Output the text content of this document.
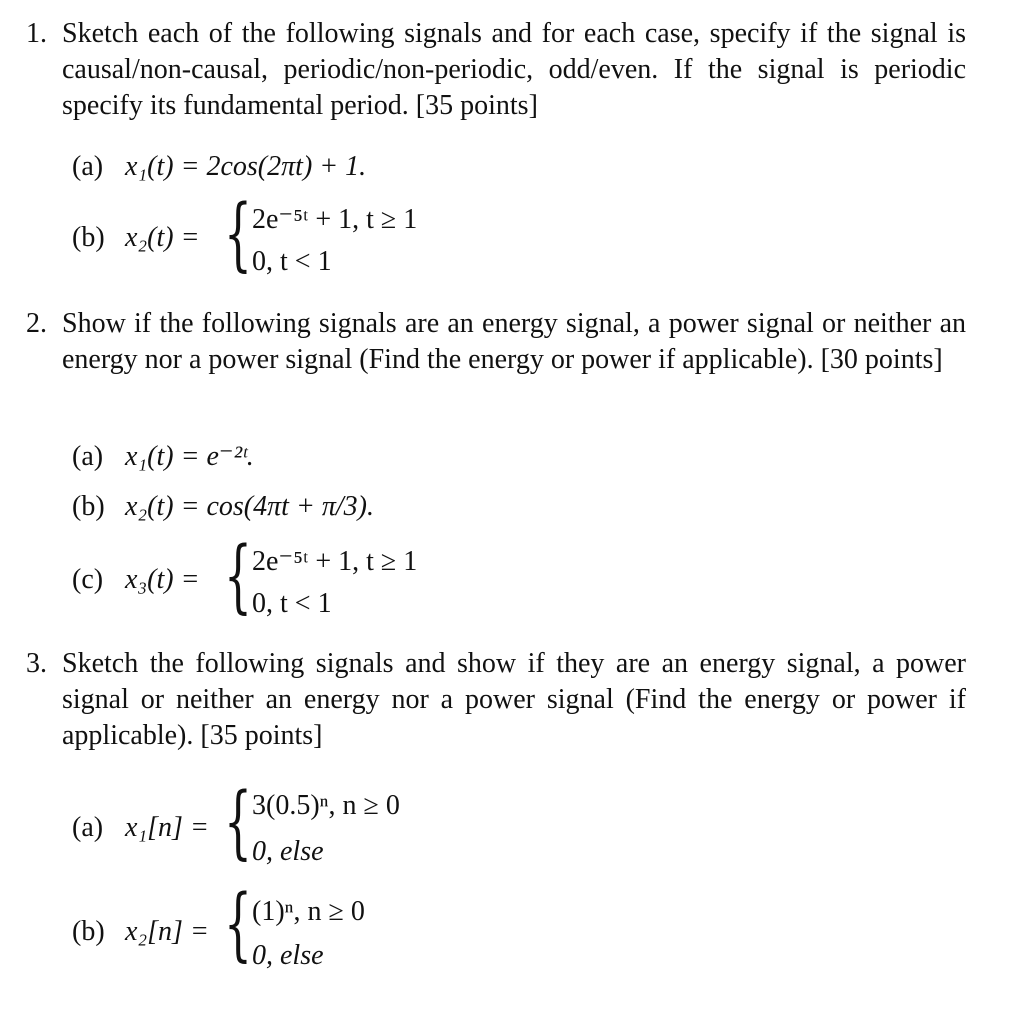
1. Sketch each of the following signals and for each case, specify if the signal is causal/non-causal, periodic/non-periodic, odd/even. If the signal is periodic specify its fundamental period. [35 points]
(a) x₁(t) = 2cos(2πt) + 1.
(b) x₂(t) = { 2e⁻⁵ᵗ + 1, t ≥ 1
0, t < 1
2. Show if the following signals are an energy signal, a power signal or neither an energy nor a power signal (Find the energy or power if applicable). [30 points]
(a) x₁(t) = e⁻²ᵗ.
(b) x₂(t) = cos(4πt + π/3).
(c) x₃(t) = { 2e⁻⁵ᵗ + 1, t ≥ 1
0, t < 1
3. Sketch the following signals and show if they are an energy signal, a power signal or neither an energy nor a power signal (Find the energy or power if applicable). [35 points]
(a) x₁[n] = { 3(0.5)ⁿ, n ≥ 0
0, else
(b) x₂[n] = { (1)ⁿ, n ≥ 0
0, else
